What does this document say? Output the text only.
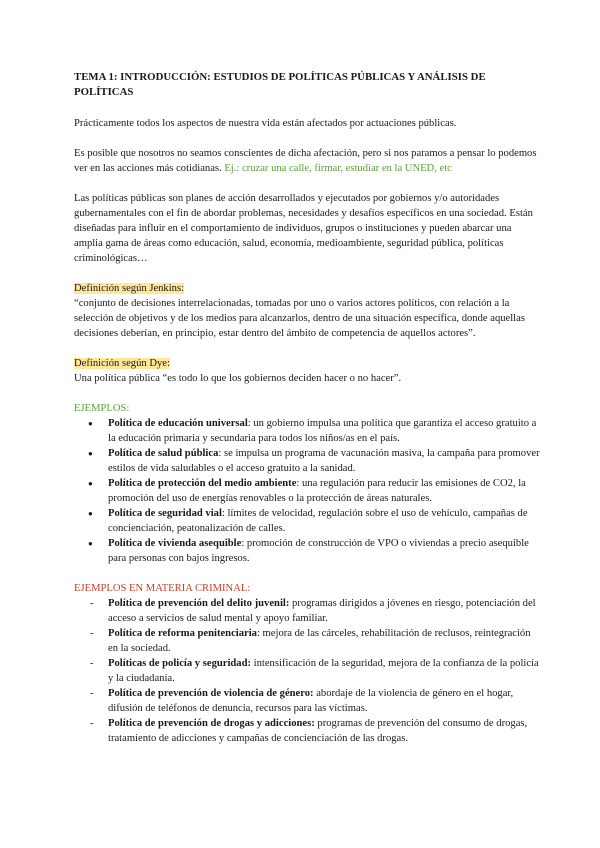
TEMA 1: INTRODUCCIÓN: ESTUDIOS DE POLÍTICAS PÚBLICAS Y ANÁLISIS DE POLÍTICAS

Prácticamente todos los aspectos de nuestra vida están afectados por actuaciones públicas.

Es posible que nosotros no seamos conscientes de dicha afectación, pero si nos paramos a pensar lo podemos ver en las acciones más cotidianas. Ej.: cruzar una calle, firmar, estudiar en la UNED, etc

Las políticas públicas son planes de acción desarrollados y ejecutados por gobiernos y/o autoridades gubernamentales con el fin de abordar problemas, necesidades y desafíos específicos en una sociedad. Están diseñadas para influir en el comportamiento de individuos, grupos o instituciones y pueden abarcar una amplia gama de áreas como educación, salud, economía, medioambiente, seguridad pública, políticas criminológicas…

Definición según Jenkins:
“conjunto de decisiones interrelacionadas, tomadas por uno o varios actores políticos, con relación a la selección de objetivos y de los medios para alcanzarlos, dentro de una situación específica, donde aquellas decisiones deberían, en principio, estar dentro del ámbito de competencia de aquellos actores”.
Definición según Dye:
Una política pública “es todo lo que los gobiernos deciden hacer o no hacer”.
EJEMPLOS:
● Política de educación universal: un gobierno impulsa una política que garantiza el acceso gratuito a la educación primaria y secundaria para todos los niños/as en el país.
● Política de salud pública: se impulsa un programa de vacunación masiva, la campaña para promover estilos de vida saludables o el acceso gratuito a la sanidad.
● Política de protección del medio ambiente: una regulación para reducir las emisiones de CO2, la promoción del uso de energías renovables o la protección de áreas naturales.
● Política de seguridad vial: límites de velocidad, regulación sobre el uso de vehículo, campañas de concienciación, peatonalización de calles.
● Política de vivienda asequible: promoción de construcción de VPO o viviendas a precio asequible para personas con bajos ingresos.
EJEMPLOS EN MATERIA CRIMINAL:
- Política de prevención del delito juvenil: programas dirigidos a jóvenes en riesgo, potenciación del acceso a servicios de salud mental y apoyo familiar.
- Política de reforma penitenciaria: mejora de las cárceles, rehabilitación de reclusos, reintegración en la sociedad.
- Políticas de policía y seguridad: intensificación de la seguridad, mejora de la confianza de la policía y la ciudadanía.
- Política de prevención de violencia de género: abordaje de la violencia de género en el hogar, difusión de teléfonos de denuncia, recursos para las víctimas.
- Política de prevención de drogas y adicciones: programas de prevención del consumo de drogas, tratamiento de adicciones y campañas de concienciación de las drogas.
